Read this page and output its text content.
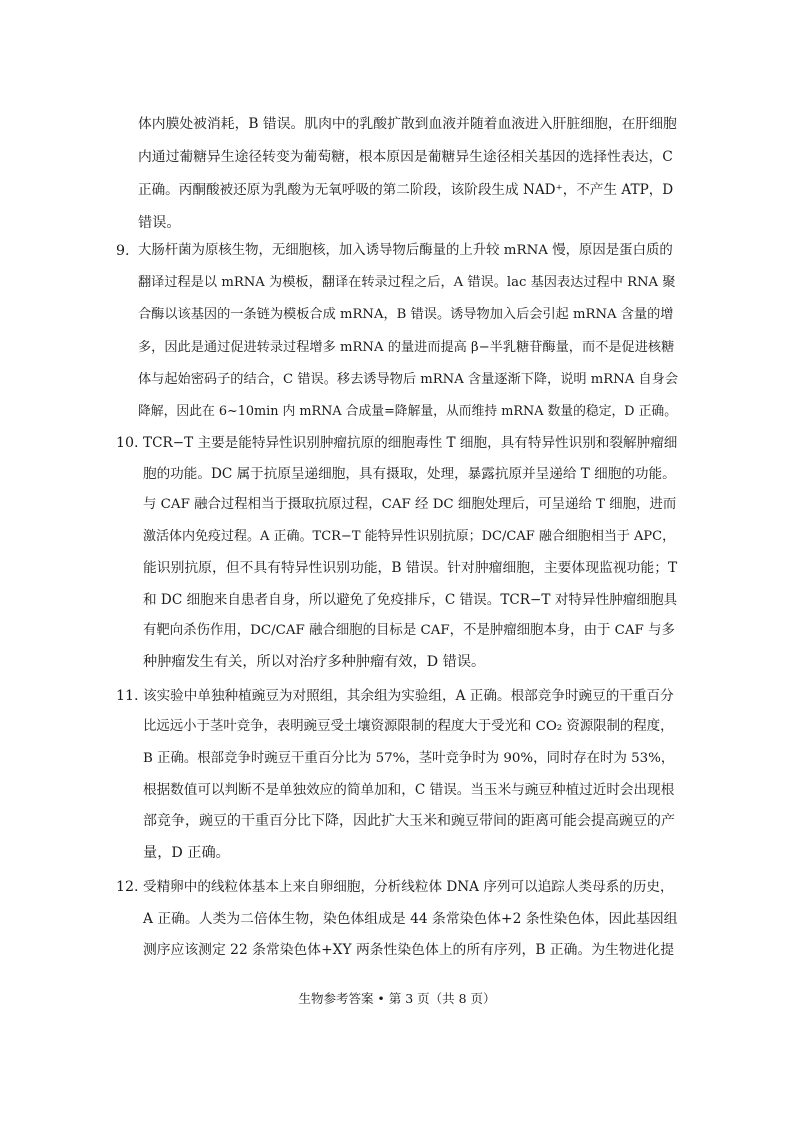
体内膜处被消耗，B 错误。肌肉中的乳酸扩散到血液并随着血液进入肝脏细胞，在肝细胞
内通过葡糖异生途径转变为葡萄糖，根本原因是葡糖异生途径相关基因的选择性表达，C
正确。丙酮酸被还原为乳酸为无氧呼吸的第二阶段，该阶段生成 NAD⁺，不产生 ATP，D
错误。
9. 大肠杆菌为原核生物，无细胞核，加入诱导物后酶量的上升较 mRNA 慢，原因是蛋白质的
翻译过程是以 mRNA 为模板，翻译在转录过程之后，A 错误。lac 基因表达过程中 RNA 聚
合酶以该基因的一条链为模板合成 mRNA，B 错误。诱导物加入后会引起 mRNA 含量的增
多，因此是通过促进转录过程增多 mRNA 的量进而提高 β−半乳糖苷酶量，而不是促进核糖
体与起始密码子的结合，C 错误。移去诱导物后 mRNA 含量逐渐下降，说明 mRNA 自身会
降解，因此在 6~10min 内 mRNA 合成量=降解量，从而维持 mRNA 数量的稳定，D 正确。
10. TCR−T 主要是能特异性识别肿瘤抗原的细胞毒性 T 细胞，具有特异性识别和裂解肿瘤细
胞的功能。DC 属于抗原呈递细胞，具有摄取，处理，暴露抗原并呈递给 T 细胞的功能。
与 CAF 融合过程相当于摄取抗原过程，CAF 经 DC 细胞处理后，可呈递给 T 细胞，进而
激活体内免疫过程。A 正确。TCR−T 能特异性识别抗原；DC/CAF 融合细胞相当于 APC，
能识别抗原，但不具有特异性识别功能，B 错误。针对肿瘤细胞，主要体现监视功能；T
和 DC 细胞来自患者自身，所以避免了免疫排斥，C 错误。TCR−T 对特异性肿瘤细胞具
有靶向杀伤作用，DC/CAF 融合细胞的目标是 CAF，不是肿瘤细胞本身，由于 CAF 与多
种肿瘤发生有关，所以对治疗多种肿瘤有效，D 错误。
11. 该实验中单独种植豌豆为对照组，其余组为实验组，A 正确。根部竞争时豌豆的干重百分
比远远小于茎叶竞争，表明豌豆受土壤资源限制的程度大于受光和 CO₂ 资源限制的程度，
B 正确。根部竞争时豌豆干重百分比为 57%，茎叶竞争时为 90%，同时存在时为 53%，
根据数值可以判断不是单独效应的简单加和，C 错误。当玉米与豌豆种植过近时会出现根
部竞争，豌豆的干重百分比下降，因此扩大玉米和豌豆带间的距离可能会提高豌豆的产
量，D 正确。
12. 受精卵中的线粒体基本上来自卵细胞，分析线粒体 DNA 序列可以追踪人类母系的历史，
A 正确。人类为二倍体生物，染色体组成是 44 条常染色体+2 条性染色体，因此基因组
测序应该测定 22 条常染色体+XY 两条性染色体上的所有序列，B 正确。为生物进化提
生物参考答案 • 第 3 页（共 8 页）
